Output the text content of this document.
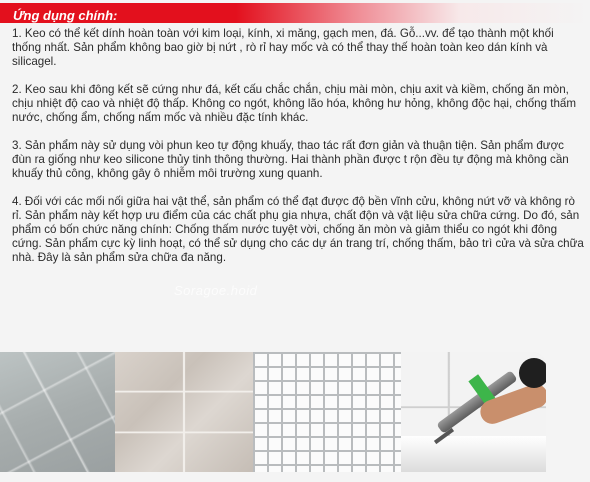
Ứng dụng chính:

1. Keo có thể kết dính hoàn toàn với kim loại, kính, xi măng, gạch men, đá. Gỗ...vv. để tạo thành một khối thống nhất. Sản phẩm không bao giờ bị nứt , rò rỉ hay mốc và có thể thay thế hoàn toàn keo dán kính và silicagel.

2. Keo sau khi đông kết sẽ cứng như đá, kết cấu chắc chắn, chịu mài mòn, chịu axit và kiềm, chống ăn mòn, chịu nhiệt độ cao và nhiệt độ thấp. Không co ngót, không lão hóa, không hư hỏng, không độc hại, chống thấm nước, chống ẩm, chống nấm mốc và nhiều đặc tính khác.

3. Sản phẩm này sử dụng vòi phun keo tự động khuấy, thao tác rất đơn giản và thuận tiện. Sản phẩm được đùn ra giống như keo silicone thủy tinh thông thường. Hai thành phần được t rộn đều tự động mà không cần khuấy thủ công, không gây ô nhiễm môi trường xung quanh.

4. Đối với các mối nối giữa hai vật thể, sản phẩm có thể đạt được độ bền vĩnh cửu, không nứt vỡ và không rò rỉ. Sản phẩm này kết hợp ưu điểm của các chất phụ gia nhựa, chất độn và vật liệu sửa chữa cứng. Do đó, sản phẩm có bốn chức năng chính: Chống thấm nước tuyệt vời, chống ăn mòn và giảm thiểu co ngót khi đông cứng. Sản phẩm cực kỳ linh hoạt, có thể sử dụng cho các dự án trang trí, chống thấm, bảo trì cửa và sửa chữa nhà. Đây là sản phẩm sửa chữa đa năng.

Soragoe.hoid
